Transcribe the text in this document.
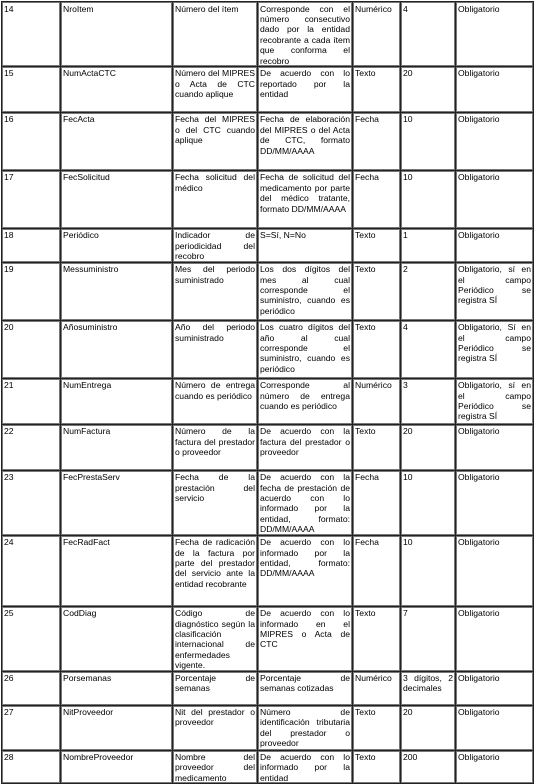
14	NroItem	Número del ítem	Corresponde con el número consecutivo dado por la entidad recobrante a cada ítem que conforma el recobro	Numérico	4	Obligatorio
15	NumActaCTC	Número del MIPRES o Acta de CTC cuando aplique	De acuerdo con lo reportado por la entidad	Texto	20	Obligatorio
16	FecActa	Fecha del MIPRES o del CTC cuando aplique	Fecha de elaboración del MIPRES o del Acta de CTC, formato DD/MM/AAAA	Fecha	10	Obligatorio
17	FecSolicitud	Fecha solicitud del médico	Fecha de solicitud del medicamento por parte del médico tratante, formato DD/MM/AAAA	Fecha	10	Obligatorio
18	Periódico	Indicador de periodicidad del recobro	S=Sí, N=No	Texto	1	Obligatorio
19	Messuministro	Mes del periodo suministrado	Los dos dígitos del mes al cual corresponde el suministro, cuando es periódico	Texto	2	Obligatorio, sí en el campo Periódico se registra SÍ
20	Añosuministro	Año del periodo suministrado	Los cuatro dígitos del año al cual corresponde el suministro, cuando es periódico	Texto	4	Obligatorio, Sí en el campo Periódico se registra SÍ
21	NumEntrega	Número de entrega cuando es periódico	Corresponde al número de entrega cuando es periódico	Numérico	3	Obligatorio, sí en el campo Periódico se registra SÍ
22	NumFactura	Número de la factura del prestador o proveedor	De acuerdo con la factura del prestador o proveedor	Texto	20	Obligatorio
23	FecPrestaServ	Fecha de la prestación del servicio	De acuerdo con la fecha de prestación de acuerdo con lo informado por la entidad, formato: DD/MM/AAAA	Fecha	10	Obligatorio
24	FecRadFact	Fecha de radicación de la factura por parte del prestador del servicio ante la entidad recobrante	De acuerdo con lo informado por la entidad, formato: DD/MM/AAAA	Fecha	10	Obligatorio
25	CodDiag	Código de diagnóstico según la clasificación internacional de enfermedades vigente.	De acuerdo con lo informado en el MIPRES o Acta de CTC	Texto	7	Obligatorio
26	Porsemanas	Porcentaje de semanas	Porcentaje de semanas cotizadas	Numérico	3 dígitos, 2 decimales	Obligatorio
27	NitProveedor	Nit del prestador o proveedor	Número de identificación tributaria del prestador o proveedor	Texto	20	Obligatorio
28	NombreProveedor	Nombre del proveedor del medicamento	De acuerdo con lo informado por la entidad	Texto	200	Obligatorio
